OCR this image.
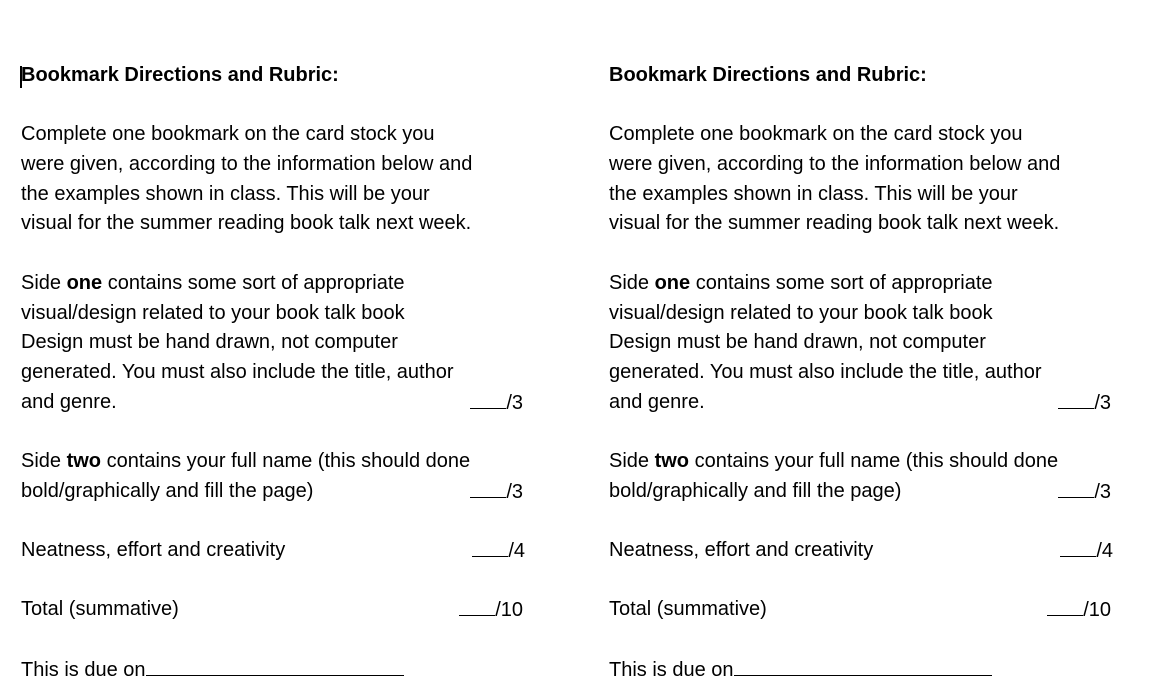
Bookmark Directions and Rubric:
Complete one bookmark on the card stock you
were given, according to the information below and
the examples shown in class. This will be your
visual for the summer reading book talk next week.
Side one contains some sort of appropriate
visual/design related to your book talk book
Design must be hand drawn, not computer
generated. You must also include the title, author
and genre.	/3
Side two contains your full name (this should done
bold/graphically and fill the page)	/3
Neatness, effort and creativity	/4
Total (summative)	/10
This is due on
Bookmark Directions and Rubric:
Complete one bookmark on the card stock you
were given, according to the information below and
the examples shown in class. This will be your
visual for the summer reading book talk next week.
Side one contains some sort of appropriate
visual/design related to your book talk book
Design must be hand drawn, not computer
generated. You must also include the title, author
and genre.	/3
Side two contains your full name (this should done
bold/graphically and fill the page)	/3
Neatness, effort and creativity	/4
Total (summative)	/10
This is due on
